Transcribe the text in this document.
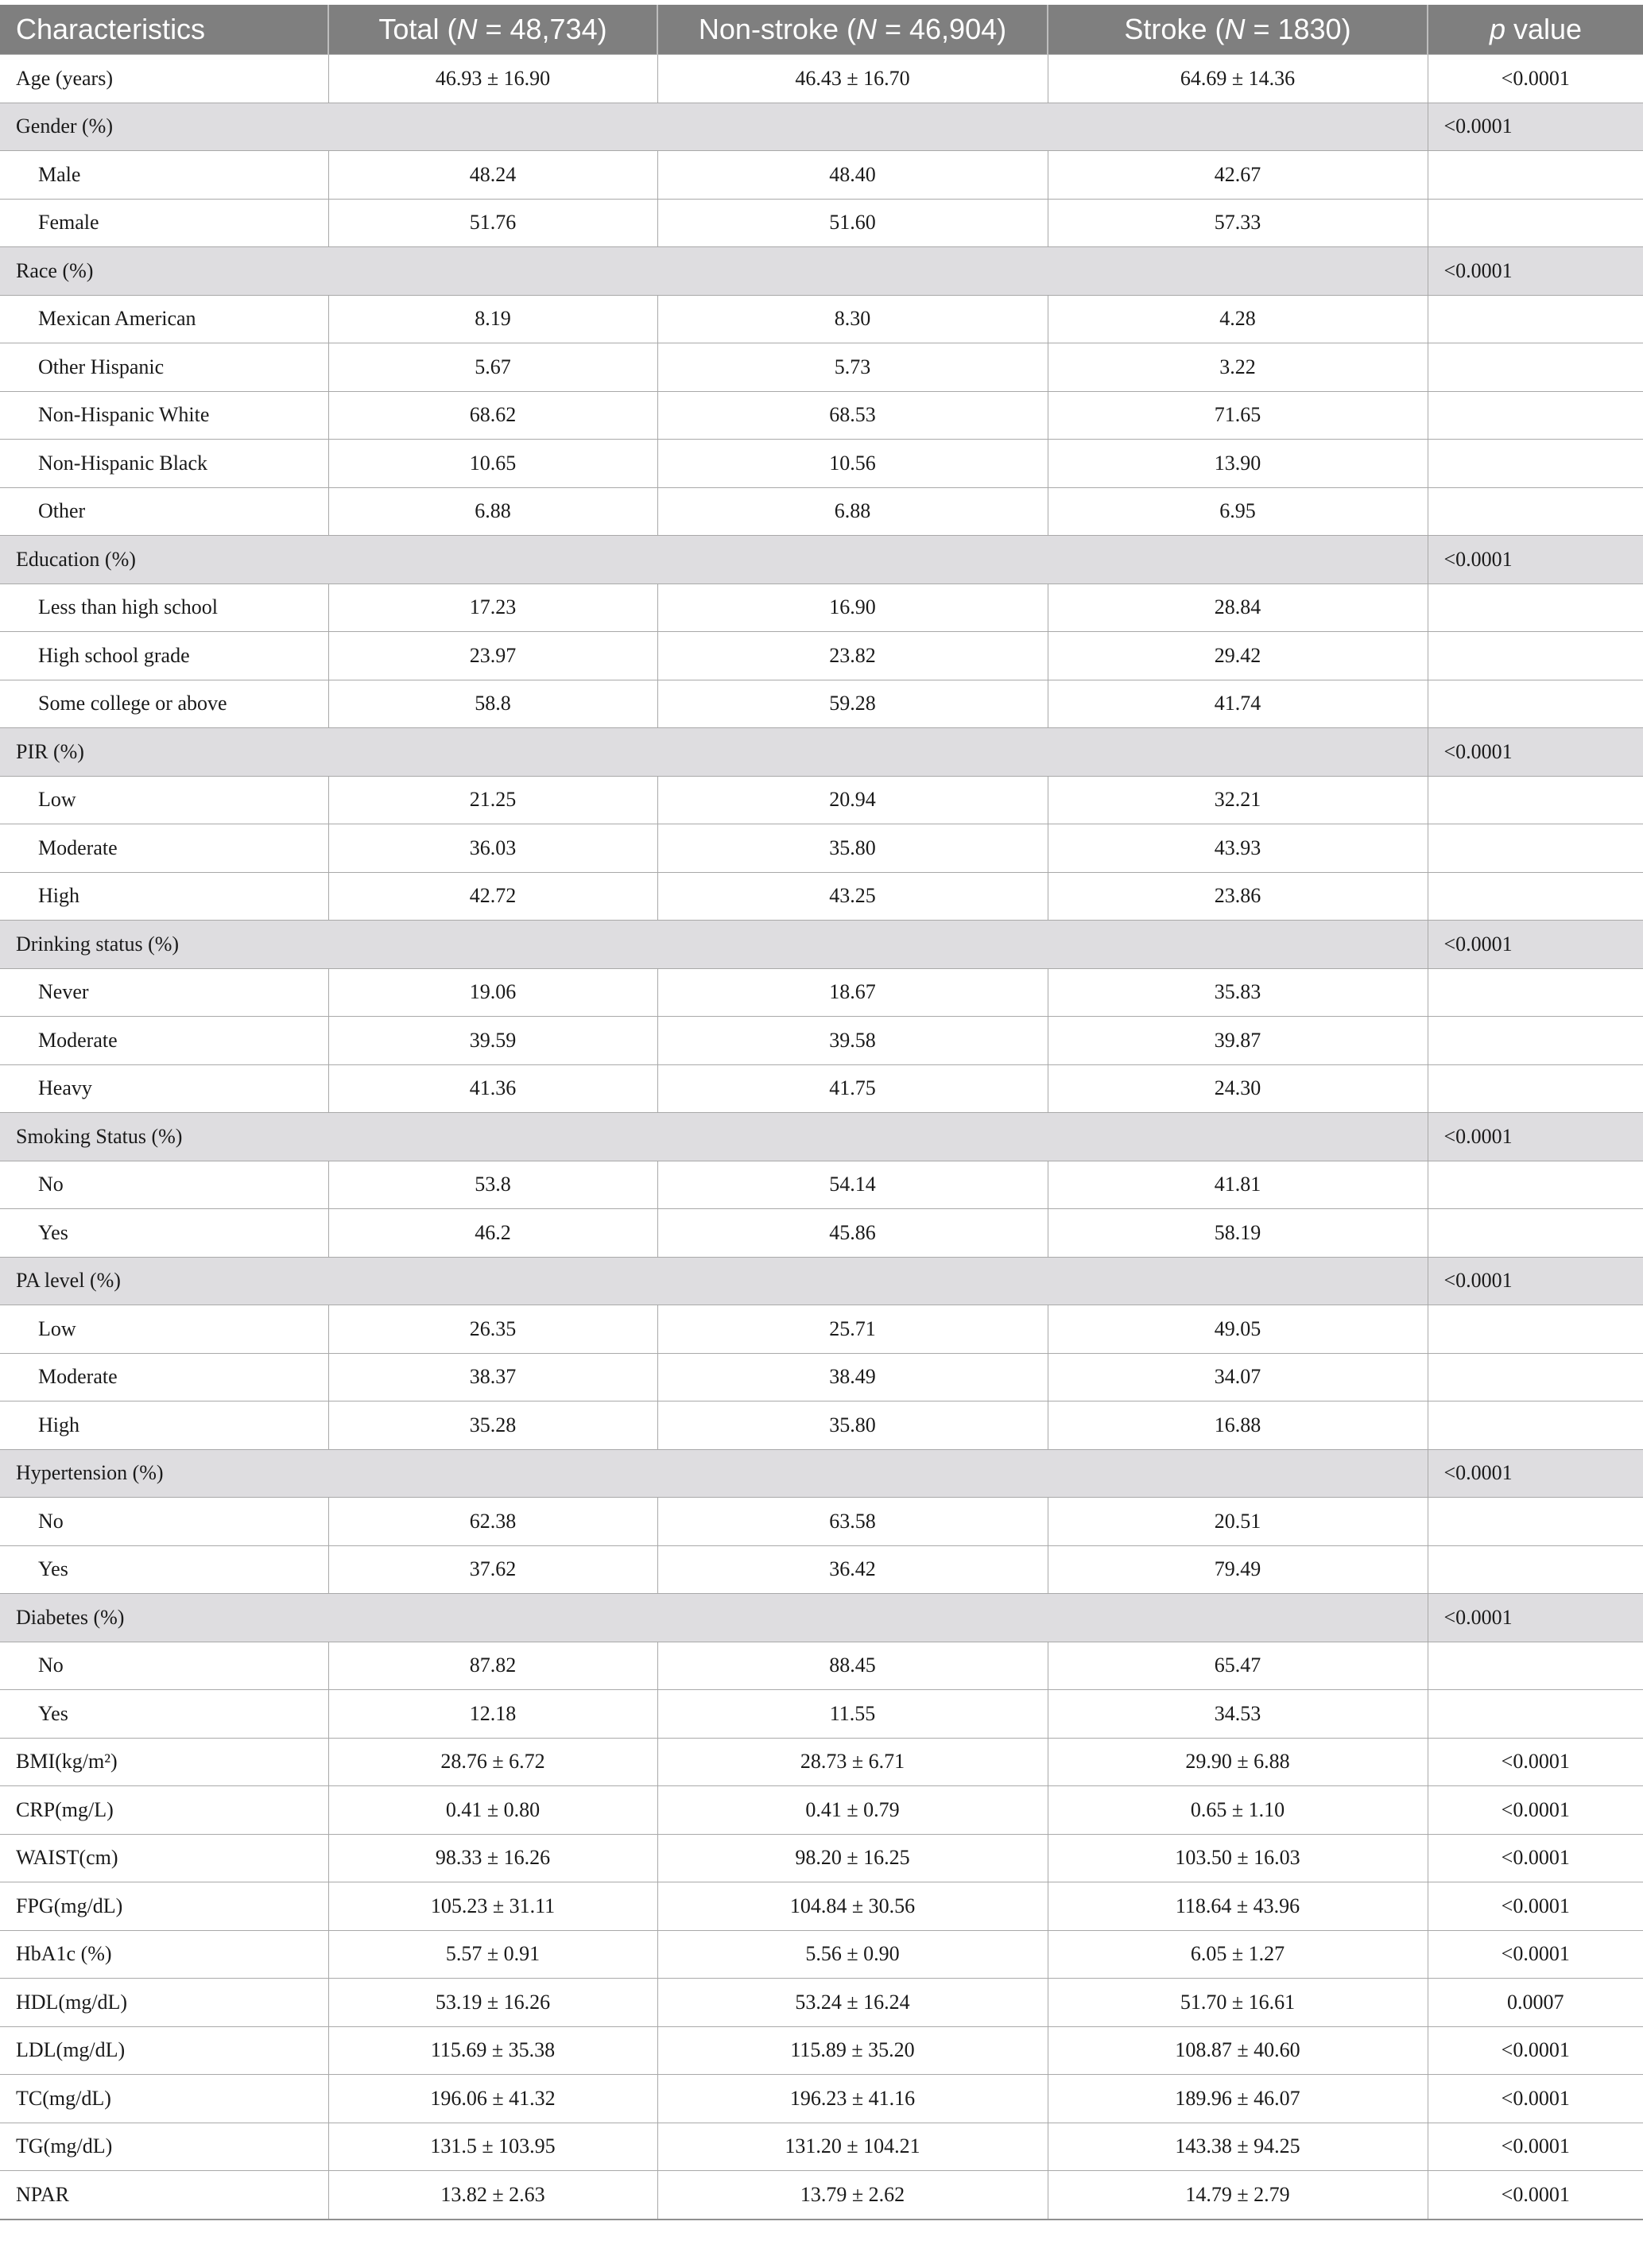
Characteristics	Total (N = 48,734)	Non-stroke (N = 46,904)	Stroke (N = 1830)	p value
Age (years)	46.93 ± 16.90	46.43 ± 16.70	64.69 ± 14.36	<0.0001
Gender (%)				<0.0001
Male	48.24	48.40	42.67	
Female	51.76	51.60	57.33	
Race (%)				<0.0001
Mexican American	8.19	8.30	4.28	
Other Hispanic	5.67	5.73	3.22	
Non-Hispanic White	68.62	68.53	71.65	
Non-Hispanic Black	10.65	10.56	13.90	
Other	6.88	6.88	6.95	
Education (%)				<0.0001
Less than high school	17.23	16.90	28.84	
High school grade	23.97	23.82	29.42	
Some college or above	58.8	59.28	41.74	
PIR (%)				<0.0001
Low	21.25	20.94	32.21	
Moderate	36.03	35.80	43.93	
High	42.72	43.25	23.86	
Drinking status (%)				<0.0001
Never	19.06	18.67	35.83	
Moderate	39.59	39.58	39.87	
Heavy	41.36	41.75	24.30	
Smoking Status (%)				<0.0001
No	53.8	54.14	41.81	
Yes	46.2	45.86	58.19	
PA level (%)				<0.0001
Low	26.35	25.71	49.05	
Moderate	38.37	38.49	34.07	
High	35.28	35.80	16.88	
Hypertension (%)				<0.0001
No	62.38	63.58	20.51	
Yes	37.62	36.42	79.49	
Diabetes (%)				<0.0001
No	87.82	88.45	65.47	
Yes	12.18	11.55	34.53	
BMI(kg/m²)	28.76 ± 6.72	28.73 ± 6.71	29.90 ± 6.88	<0.0001
CRP(mg/L)	0.41 ± 0.80	0.41 ± 0.79	0.65 ± 1.10	<0.0001
WAIST(cm)	98.33 ± 16.26	98.20 ± 16.25	103.50 ± 16.03	<0.0001
FPG(mg/dL)	105.23 ± 31.11	104.84 ± 30.56	118.64 ± 43.96	<0.0001
HbA1c (%)	5.57 ± 0.91	5.56 ± 0.90	6.05 ± 1.27	<0.0001
HDL(mg/dL)	53.19 ± 16.26	53.24 ± 16.24	51.70 ± 16.61	0.0007
LDL(mg/dL)	115.69 ± 35.38	115.89 ± 35.20	108.87 ± 40.60	<0.0001
TC(mg/dL)	196.06 ± 41.32	196.23 ± 41.16	189.96 ± 46.07	<0.0001
TG(mg/dL)	131.5 ± 103.95	131.20 ± 104.21	143.38 ± 94.25	<0.0001
NPAR	13.82 ± 2.63	13.79 ± 2.62	14.79 ± 2.79	<0.0001
